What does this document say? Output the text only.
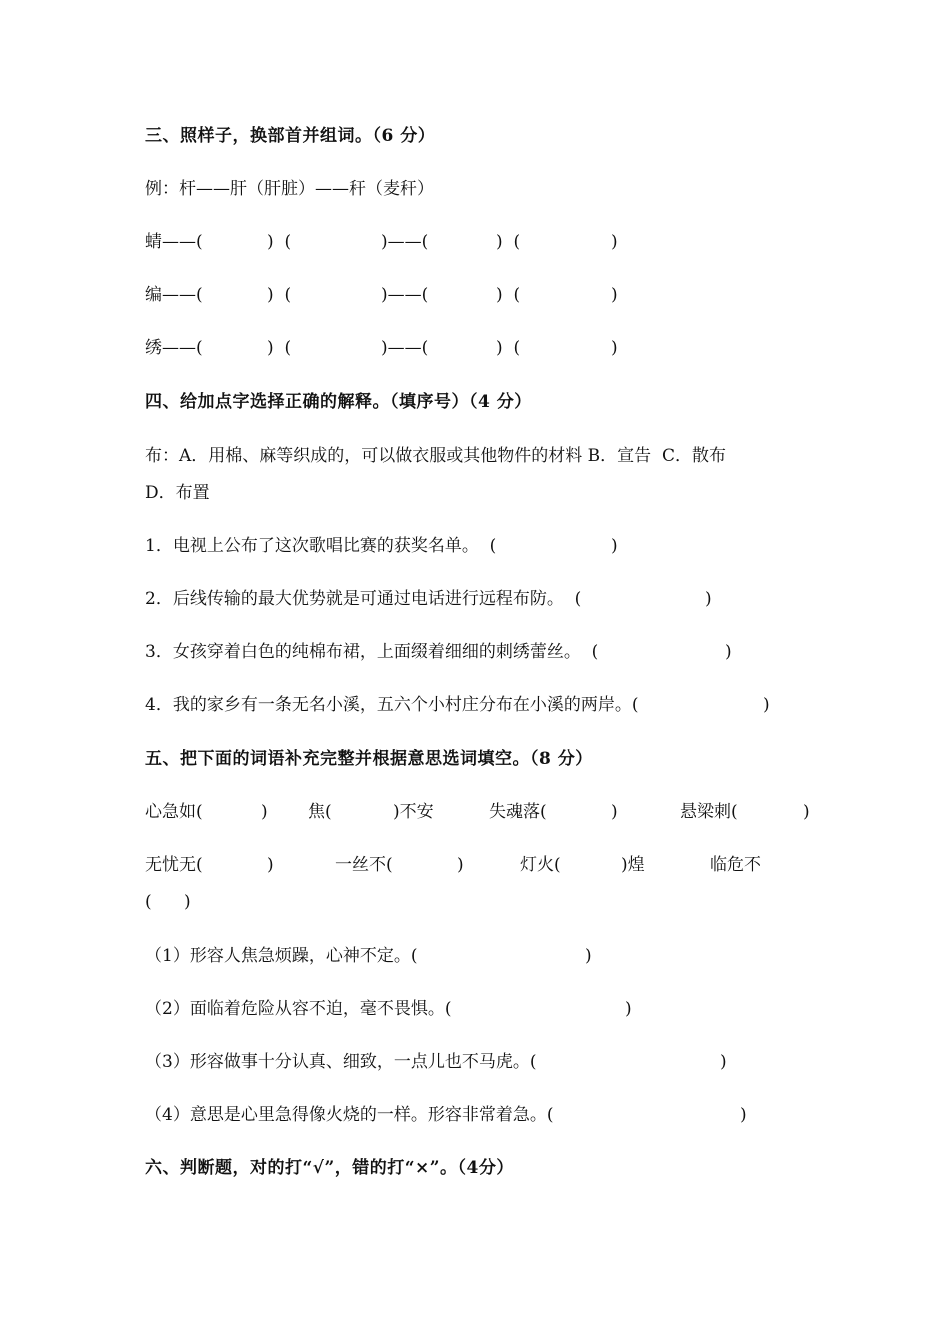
三、照样子，换部首并组词。（6 分）
例：杆——肝（肝脏）——秆（麦秆）

蜻——(

	)  (

	)——(

	)  (

	)

编——(

	)  (

	)——(

	)  (

	)

绣——(

	)  (

	)——(

	)  (

	)

四、给加点字选择正确的解释。（填序号）（4 分）
布：A．用棉、麻等织成的，可以做衣服或其他物件的材料 B．宣告  C．散布
D．布置

1．电视上公布了这次歌唱比赛的获奖名单。  (

	)

2．后线传输的最大优势就是可通过电话进行远程布防。  (

	)

3．女孩穿着白色的纯棉布裙，上面缀着细细的刺绣蕾丝。  (

	)

4．我的家乡有一条无名小溪，五六个小村庄分布在小溪的两岸。(

	)

五、把下面的词语补充完整并根据意思选词填空。（8 分）

心急如(

	)

焦(

	)不安

	失魂落(

	)

	悬梁刺(

	)

无忧无(

	)

	一丝不(

	)

	灯火(

	)煌

	临危不

(      )

（1）形容人焦急烦躁，心神不定。(

	)

（2）面临着危险从容不迫，毫不畏惧。(

	)

（3）形容做事十分认真、细致，一点儿也不马虎。(

	)

（4）意思是心里急得像火烧的一样。形容非常着急。(

	)

六、判断题，对的打“√”，错的打“×”。（4分）
